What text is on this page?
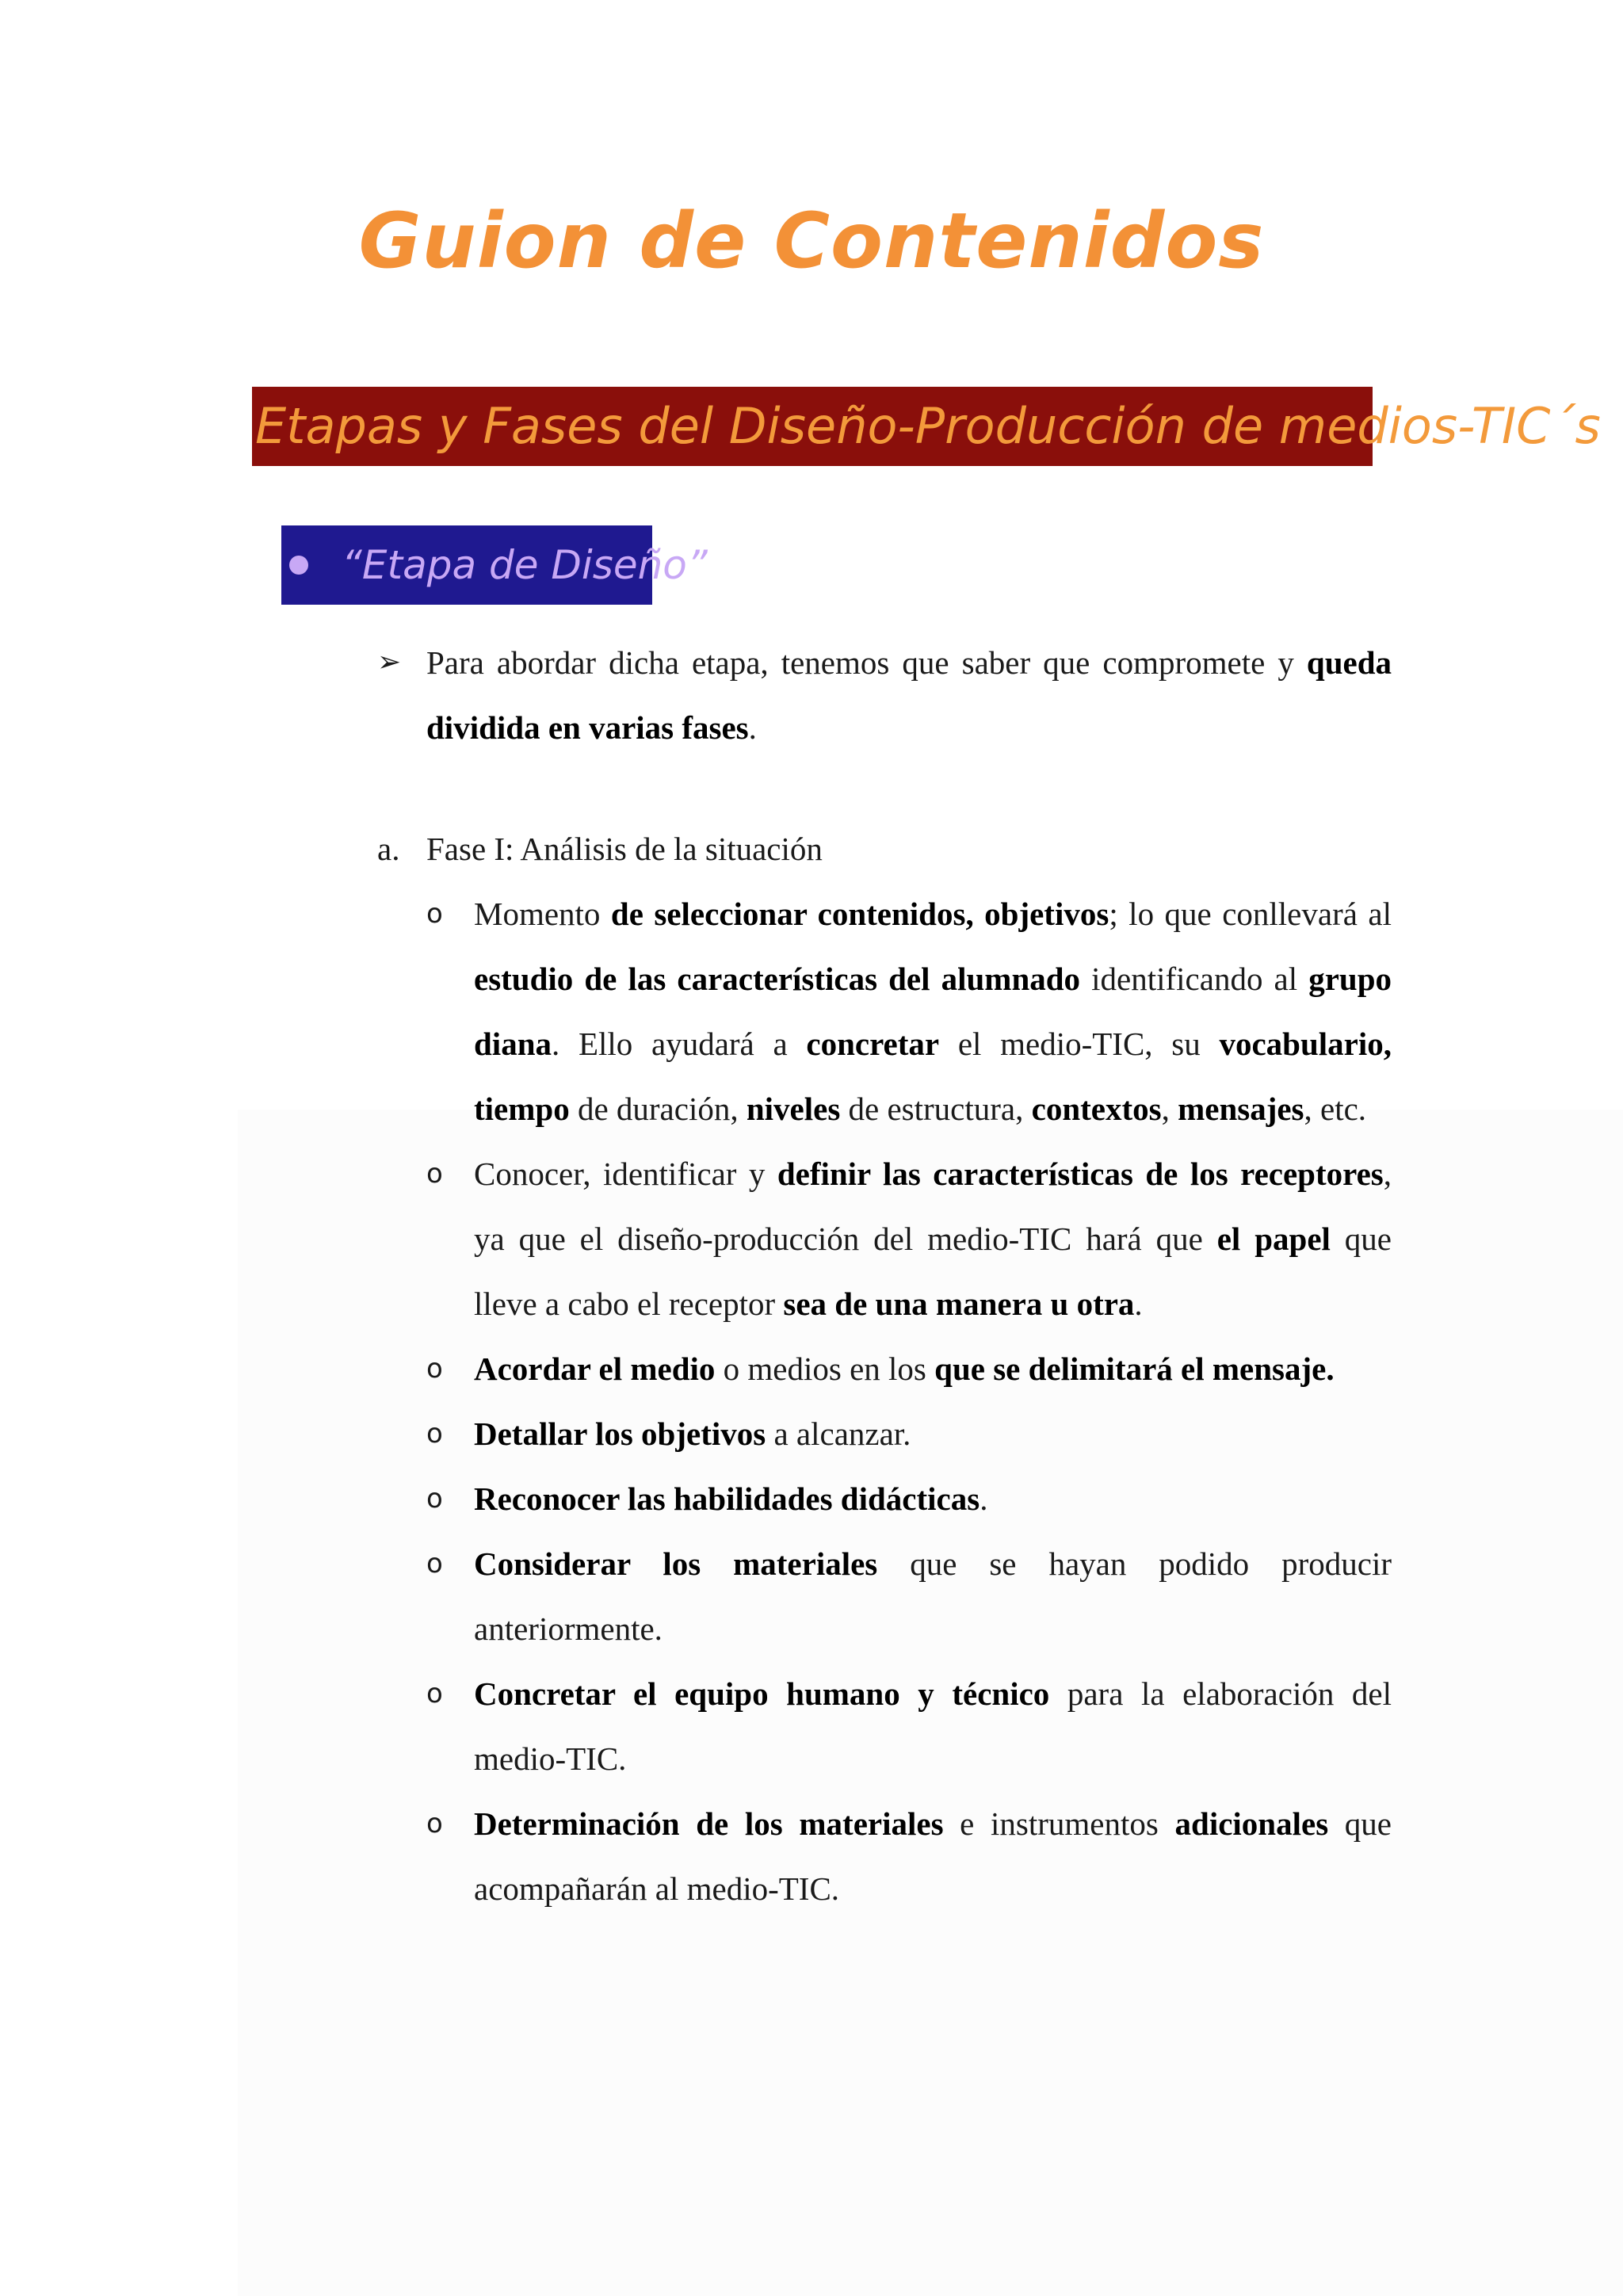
Guion de Contenidos
Etapas y Fases del Diseño-Producción de medios-TIC´s
“Etapa de Diseño”
➢ Para abordar dicha etapa, tenemos que saber que compromete y queda dividida en varias fases.
a. Fase I: Análisis de la situación
o Momento de seleccionar contenidos, objetivos; lo que conllevará al estudio de las características del alumnado identificando al grupo diana. Ello ayudará a concretar el medio-TIC, su vocabulario, tiempo de duración, niveles de estructura, contextos, mensajes, etc.
o Conocer, identificar y definir las características de los receptores, ya que el diseño-producción del medio-TIC hará que el papel que lleve a cabo el receptor sea de una manera u otra.
o Acordar el medio o medios en los que se delimitará el mensaje.
o Detallar los objetivos a alcanzar.
o Reconocer las habilidades didácticas.
o Considerar los materiales que se hayan podido producir anteriormente.
o Concretar el equipo humano y técnico para la elaboración del medio-TIC.
o Determinación de los materiales e instrumentos adicionales que acompañarán al medio-TIC.
